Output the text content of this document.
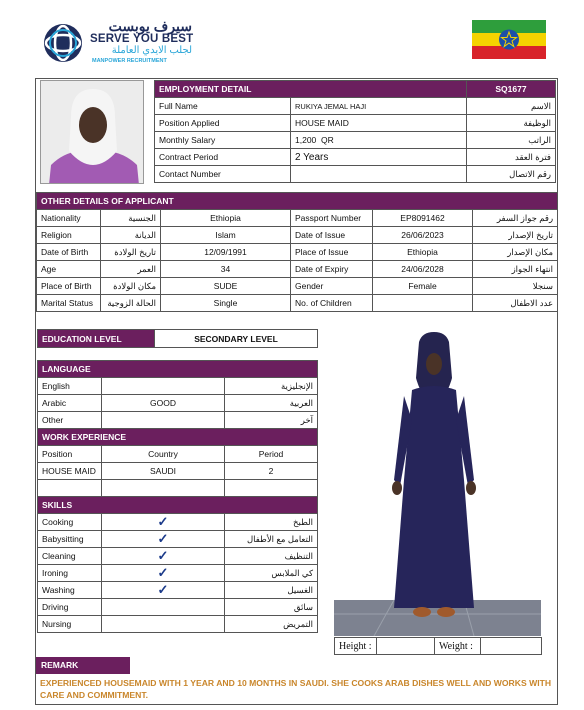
سيرف يوبست
SERVE YOU BEST
لجلب الايدي العاملة
MANPOWER RECRUITMENT
EMPLOYMENT DETAIL		SQ1677
Full Name	RUKIYA JEMAL HAJI	الاسم
Position Applied	HOUSE MAID	الوظيفة
Monthly Salary	1,200  QR	الراتب
Contract Period	2 Years	فترة العقد
Contact Number		رقم الاتصال
OTHER DETAILS OF APPLICANT					
Nationality	الجنسية	Ethiopia	Passport Number	EP8091462	رقم جواز السفر
Religion	الديانة	Islam	Date of Issue	26/06/2023	تاريخ الإصدار
Date of Birth	تاريخ الولادة	12/09/1991	Place of Issue	Ethiopia	مكان الإصدار
Age	العمر	34	Date of Expiry	24/06/2028	انتهاء الجواز
Place of Birth	مكان الولادة	SUDE	Gender	Female	سنجلا
Marital Status	الحالة الزوجية	Single	No. of Children		عدد الاطفال
EDUCATION LEVEL	SECONDARY LEVEL
LANGUAGE		
English		الإنجليزية
Arabic	GOOD	العربية
Other		آخر
WORK EXPERIENCE		
Position	Country	Period
HOUSE MAID	SAUDI	2

SKILLS		
Cooking	✓	الطبخ
Babysitting	✓	التعامل مع الأطفال
Cleaning	✓	التنظيف
Ironing	✓	كي الملابس
Washing	✓	الغسيل
Driving		سائق
Nursing		التمريض
Height :		Weight :	
REMARK
EXPERIENCED HOUSEMAID WITH 1 YEAR AND 10 MONTHS IN SAUDI. SHE COOKS ARAB DISHES WELL AND WORKS WITH CARE AND COMMITMENT.
